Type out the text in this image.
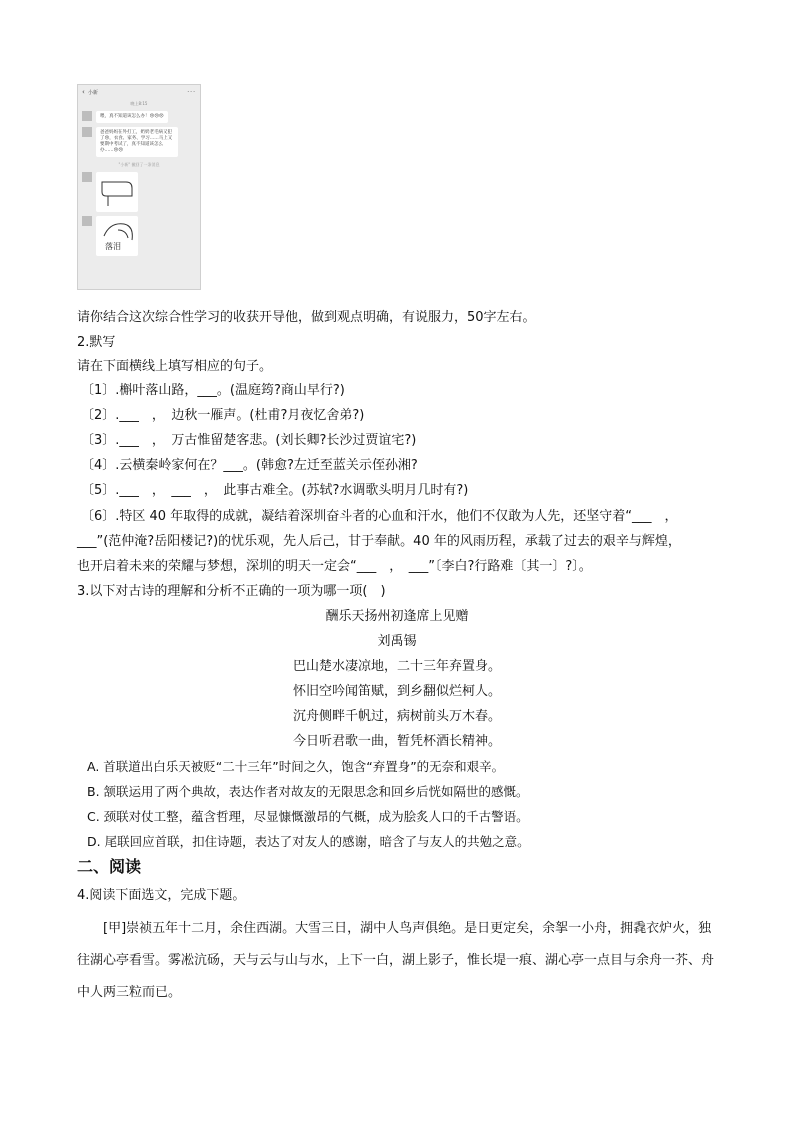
‹ 小新	···
晚上8:15
喂，真不知道该怎么办！😢😢😢
爸爸妈妈在外打工，奶奶老毛病又犯了😢，衣食、家务、学习……马上又要期中考试了，真不知道该怎么办……😢😢
"小新" 撤回了一条消息
落泪
请你结合这次综合性学习的收获开导他，做到观点明确，有说服力，50字左右。
2.默写
请在下面横线上填写相应的句子。
〔1〕.槲叶落山路，___。(温庭筠?商山早行?)
〔2〕.___　，　边秋一雁声。(杜甫?月夜忆舍弟?)
〔3〕.___　，　万古惟留楚客悲。(刘长卿?长沙过贾谊宅?)
〔4〕.云横秦岭家何在？___。(韩愈?左迁至蓝关示侄孙湘?
〔5〕.___　，　___　，　此事古难全。(苏轼?水调歌头明月几时有?)
〔6〕.特区 40 年取得的成就，凝结着深圳奋斗者的心血和汗水，他们不仅敢为人先，还坚守着“___　，
___”(范仲淹?岳阳楼记?)的忧乐观，先人后己，甘于奉献。40 年的风雨历程，承载了过去的艰辛与辉煌，
也开启着未来的荣耀与梦想，深圳的明天一定会“___　，　___”〔李白?行路难〔其一〕?〕。
3.以下对古诗的理解和分析不正确的一项为哪一项(　)
酬乐天扬州初逢席上见赠
刘禹锡
巴山楚水凄凉地，二十三年弃置身。
怀旧空吟闻笛赋，到乡翻似烂柯人。
沉舟侧畔千帆过，病树前头万木春。
今日听君歌一曲，暂凭杯酒长精神。
A. 首联道出白乐天被贬“二十三年”时间之久，饱含“弃置身”的无奈和艰辛。
B. 颔联运用了两个典故，表达作者对故友的无限思念和回乡后恍如隔世的感慨。
C. 颈联对仗工整，蕴含哲理，尽显慷慨激昂的气概，成为脍炙人口的千古警语。
D. 尾联回应首联，扣住诗题，表达了对友人的感谢，暗含了与友人的共勉之意。
二、阅读
4.阅读下面选文，完成下题。
[甲]崇祯五年十二月，余住西湖。大雪三日，湖中人鸟声俱绝。是日更定矣，余挐一小舟，拥毳衣炉火，独往湖心亭看雪。雾凇沆砀，天与云与山与水，上下一白，湖上影子，惟长堤一痕、湖心亭一点目与余舟一芥、舟中人两三粒而已。
